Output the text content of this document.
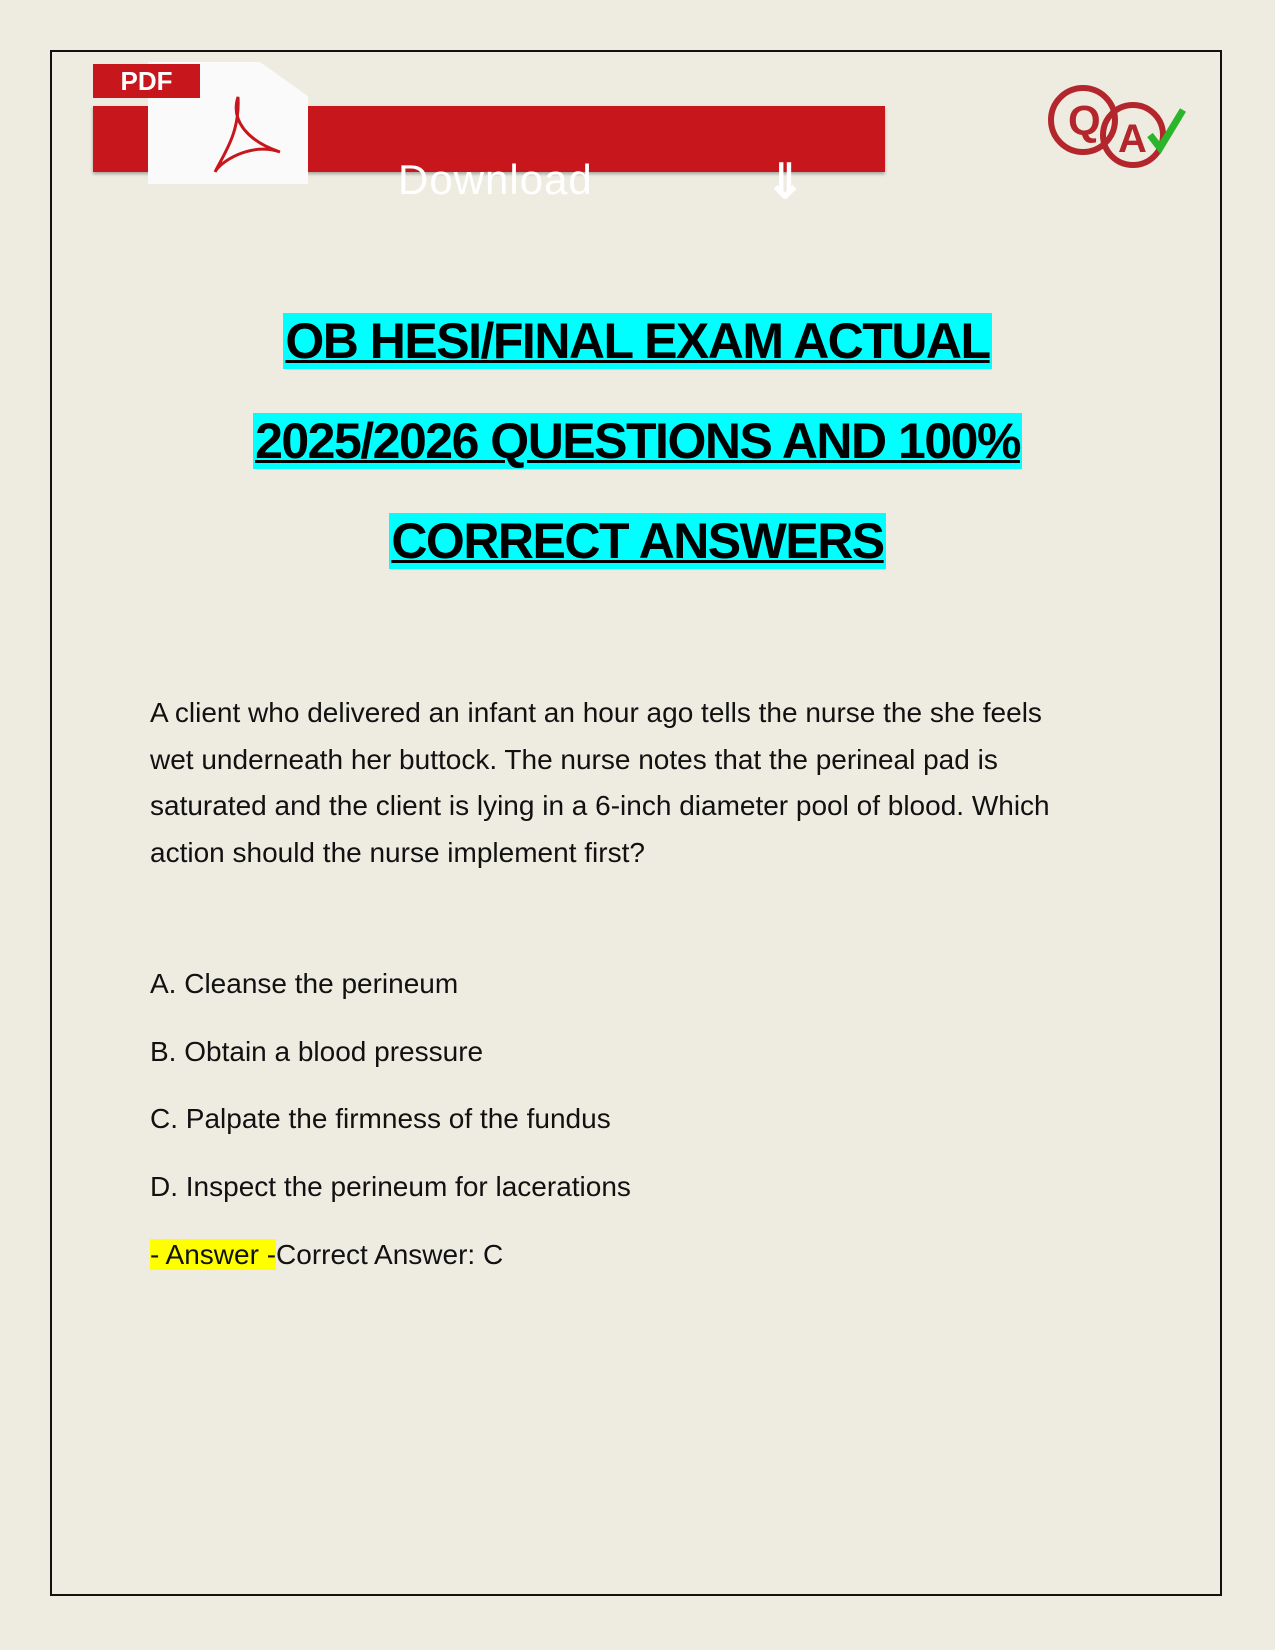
Download	⇓
PDF
Q A
OB HESI/FINAL EXAM ACTUAL
2025/2026 QUESTIONS AND 100%
CORRECT ANSWERS
A client who delivered an infant an hour ago tells the nurse the she feels wet underneath her buttock. The nurse notes that the perineal pad is saturated and the client is lying in a 6-inch diameter pool of blood. Which action should the nurse implement first?
A. Cleanse the perineum
B. Obtain a blood pressure
C. Palpate the firmness of the fundus
D. Inspect the perineum for lacerations
- Answer -Correct Answer: C
